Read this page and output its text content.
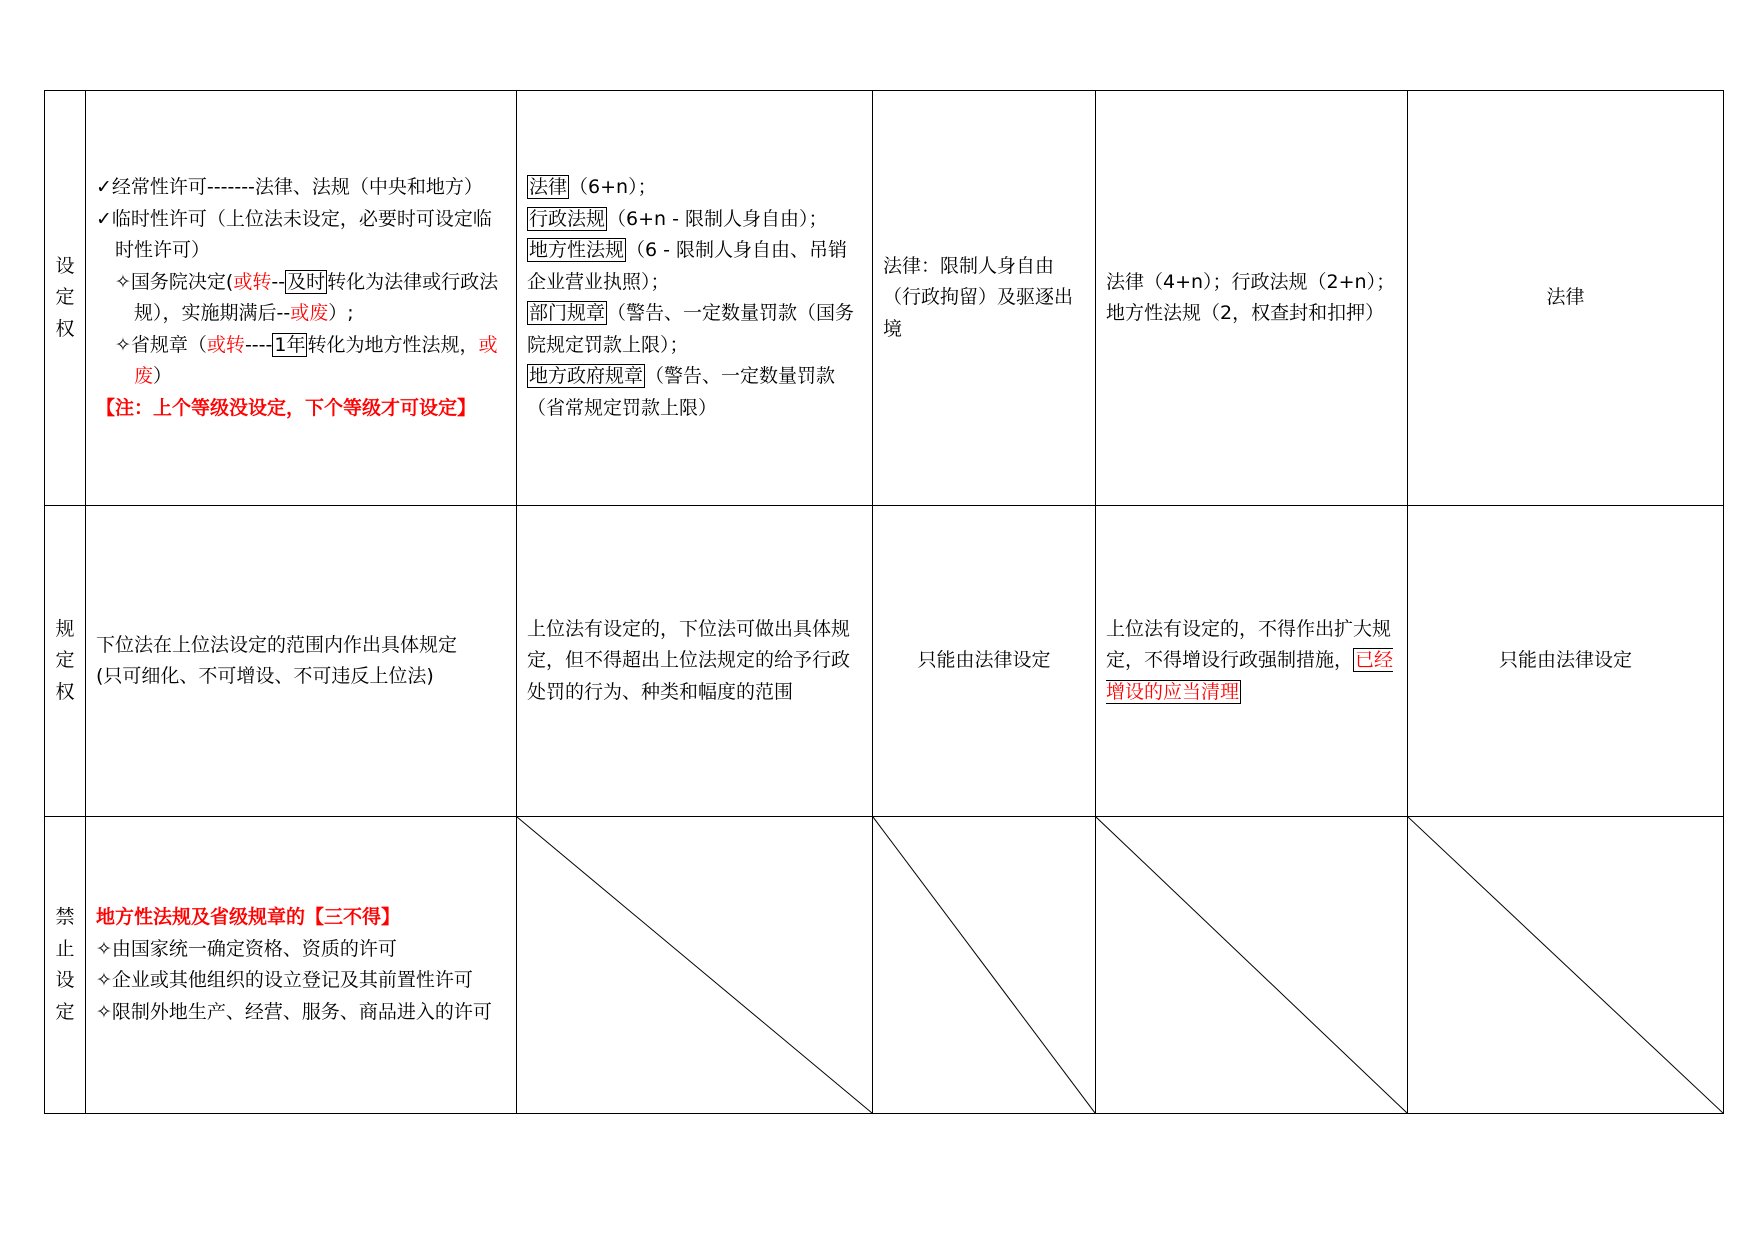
设定权	✓经常性许可-------法律、法规（中央和地方）
✓临时性许可（上位法未设定，必要时可设定临时性许可）
✧国务院决定(或转-- 及时 转化为法律或行政法规），实施期满后--或废）;
✧省规章（或转---- 1年 转化为地方性法规，或废）
【注：上个等级没设定，下个等级才可设定】	法律 （6+n）；
行政法规 （6+n - 限制人身自由）；
地方性法规 （6 - 限制人身自由、吊销企业营业执照）；
部门规章 （警告、一定数量罚款（国务院规定罚款上限）；
地方政府规章 （警告、一定数量罚款（省常规定罚款上限）	法律：限制人身自由（行政拘留）及驱逐出境	法律（4+n）；行政法规（2+n）；地方性法规（2，权查封和扣押）	法律

规定权	下位法在上位法设定的范围内作出具体规定
(只可细化、不可增设、不可违反上位法)	上位法有设定的，下位法可做出具体规定，但不得超出上位法规定的给予行政处罚的行为、种类和幅度的范围	只能由法律设定	上位法有设定的，不得作出扩大规定，不得增设行政强制措施， 已经增设的应当清理	只能由法律设定

禁止设定	地方性法规及省级规章的【三不得】
✧由国家统一确定资格、资质的许可
✧企业或其他组织的设立登记及其前置性许可
✧限制外地生产、经营、服务、商品进入的许可
